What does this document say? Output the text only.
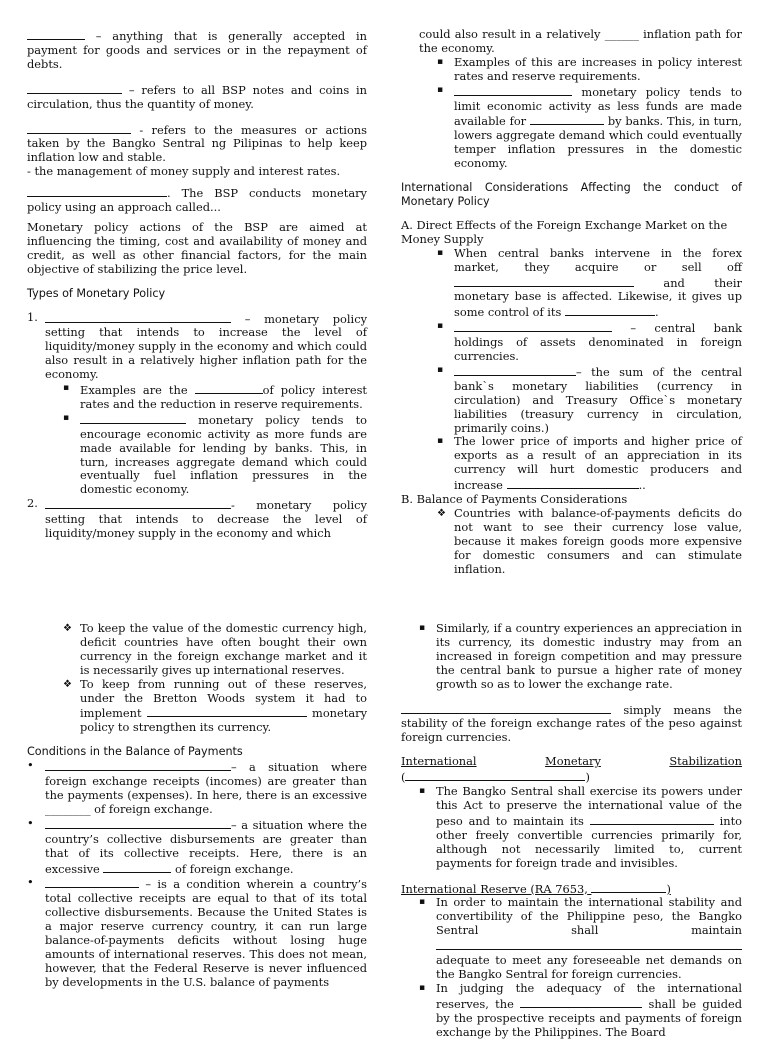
– anything that is generally accepted in payment for goods and services or in the repayment of debts.

– refers to all BSP notes and coins in circulation, thus the quantity of money.

- refers to the measures or actions taken by the Bangko Sentral ng Pilipinas to help keep inflation low and stable.

- the management of money supply and interest rates.

. The BSP conducts monetary policy using an approach called...

Monetary policy actions of the BSP are aimed at influencing the timing, cost and availability of money and credit, as well as other financial factors, for the main objective of stabilizing the price level.

Types of Monetary Policy

1.	– monetary policy setting that intends to increase the level of liquidity/money supply in the economy and which could also result in a relatively higher inflation path for the economy.

▪ Examples are the	of policy interest rates and the reduction in reserve requirements.

▪	monetary policy tends to encourage economic activity as more funds are made available for lending by banks. This, in turn, increases aggregate demand which could eventually fuel inflation pressures in the domestic economy.

2.	- monetary policy setting that intends to decrease the level of liquidity/money supply in the economy and which

could also result in a relatively ______ inflation path for the economy.

▪ Examples of this are increases in policy interest rates and reserve requirements.

▪	monetary policy tends to limit economic activity as less funds are made available for	by banks. This, in turn, lowers aggregate demand which could eventually temper inflation pressures in the domestic economy.

International Considerations Affecting the conduct of Monetary Policy

A. Direct Effects of the Foreign Exchange Market on the Money Supply

▪ When central banks intervene in the forex market, they acquire or sell off  and their monetary base is affected. Likewise, it gives up some control of its	.

▪	– central bank holdings of assets denominated in foreign currencies.

▪	– the sum of the central bank`s monetary liabilities (currency in circulation) and Treasury Office`s monetary liabilities (treasury currency in circulation, primarily coins.)

▪ The lower price of imports and higher price of exports as a result of an appreciation in its currency will hurt domestic producers and increase	..

B. Balance of Payments Considerations

❖ Countries with balance-of-payments deficits do not want to see their currency lose value, because it makes foreign goods more expensive for domestic consumers and can stimulate inflation.

❖ To keep the value of the domestic currency high, deficit countries have often bought their own currency in the foreign exchange market and it is necessarily gives up international reserves.

❖ To keep from running out of these reserves, under the Bretton Woods system it had to implement	monetary policy to strengthen its currency.

Conditions in the Balance of Payments

•	– a situation where foreign exchange receipts (incomes) are greater than the payments (expenses). In here, there is an excessive ________ of foreign exchange.

•	– a situation where the country’s collective disbursements are greater than that of its collective receipts. Here, there is an excessive	of foreign exchange.

•	– is a condition wherein a country’s total collective receipts are equal to that of its total collective disbursements. Because the United States is a major reserve currency country, it can run large balance-of-payments deficits without losing huge amounts of international reserves. This does not mean, however, that the Federal Reserve is never influenced by developments in the U.S. balance of payments

▪ Similarly, if a country experiences an appreciation in its currency, its domestic industry may from an increased in foreign competition and may pressure the central bank to pursue a higher rate of money growth so as to lower the exchange rate.

simply means the stability of the foreign exchange rates of the peso against foreign currencies.

International	Monetary	Stabilization

(	)

▪ The Bangko Sentral shall exercise its powers under this Act to preserve the international value of the peso and to maintain its	into other freely convertible currencies primarily for, although not necessarily limited to, current payments for foreign trade and invisibles.

International Reserve (RA 7653,	)

▪ In order to maintain the international stability and convertibility of the Philippine peso, the Bangko Sentral shall maintain  adequate to meet any foreseeable net demands on the Bangko Sentral for foreign currencies.

▪ In judging the adequacy of the international reserves, the	shall be guided by the prospective receipts and payments of foreign exchange by the Philippines. The Board
